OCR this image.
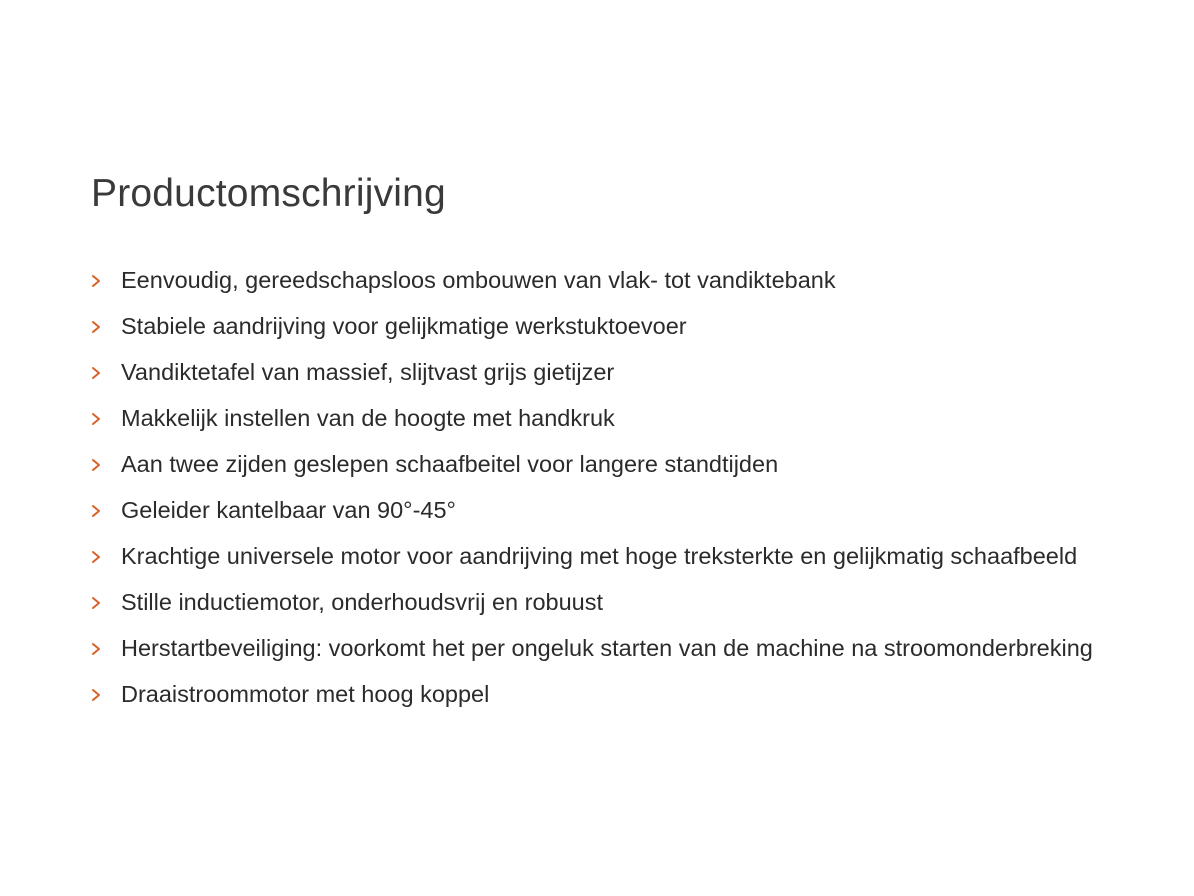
Productomschrijving
Eenvoudig, gereedschapsloos ombouwen van vlak- tot vandiktebank
Stabiele aandrijving voor gelijkmatige werkstuktoevoer
Vandiktetafel van massief, slijtvast grijs gietijzer
Makkelijk instellen van de hoogte met handkruk
Aan twee zijden geslepen schaafbeitel voor langere standtijden
Geleider kantelbaar van 90°-45°
Krachtige universele motor voor aandrijving met hoge treksterkte en gelijkmatig schaafbeeld
Stille inductiemotor, onderhoudsvrij en robuust
Herstartbeveiliging: voorkomt het per ongeluk starten van de machine na stroomonderbreking
Draaistroommotor met hoog koppel
